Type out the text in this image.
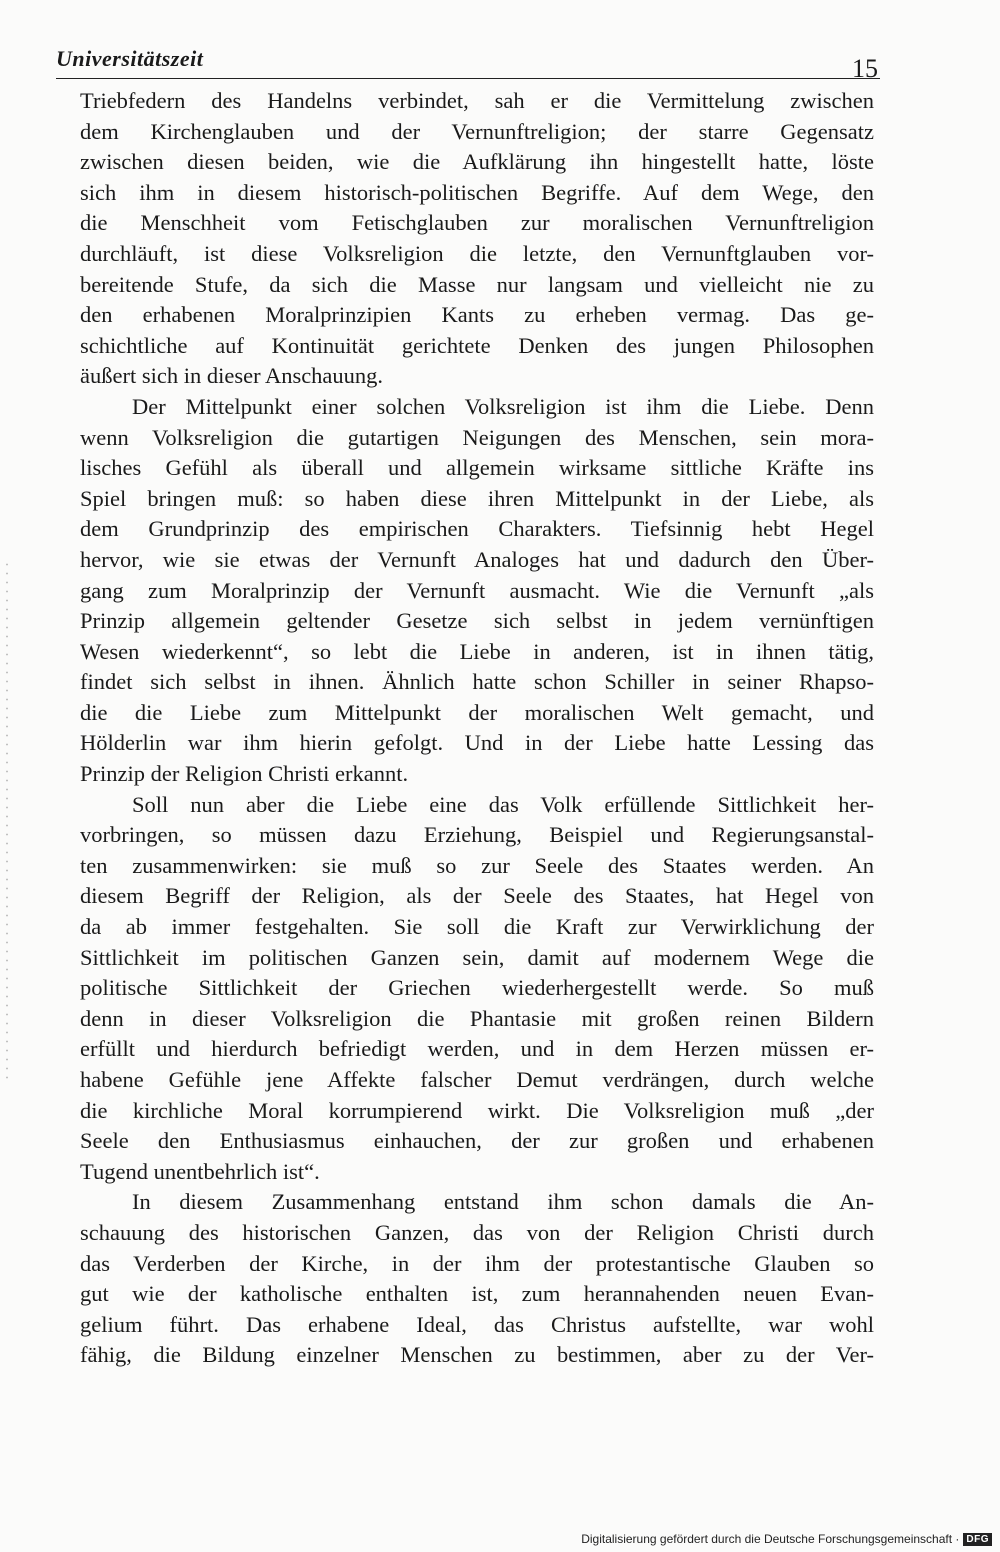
Universitätszeit	15
Triebfedern des Handelns verbindet, sah er die Vermittelung zwischen
dem Kirchenglauben und der Vernunftreligion; der starre Gegensatz
zwischen diesen beiden, wie die Aufklärung ihn hingestellt hatte, löste
sich ihm in diesem historisch-politischen Begriffe. Auf dem Wege, den
die Menschheit vom Fetischglauben zur moralischen Vernunftreligion
durchläuft, ist diese Volksreligion die letzte, den Vernunftglauben vor-
bereitende Stufe, da sich die Masse nur langsam und vielleicht nie zu
den erhabenen Moralprinzipien Kants zu erheben vermag. Das ge-
schichtliche auf Kontinuität gerichtete Denken des jungen Philosophen
äußert sich in dieser Anschauung.
Der Mittelpunkt einer solchen Volksreligion ist ihm die Liebe. Denn
wenn Volksreligion die gutartigen Neigungen des Menschen, sein mora-
lisches Gefühl als überall und allgemein wirksame sittliche Kräfte ins
Spiel bringen muß: so haben diese ihren Mittelpunkt in der Liebe, als
dem Grundprinzip des empirischen Charakters. Tiefsinnig hebt Hegel
hervor, wie sie etwas der Vernunft Analoges hat und dadurch den Über-
gang zum Moralprinzip der Vernunft ausmacht. Wie die Vernunft „als
Prinzip allgemein geltender Gesetze sich selbst in jedem vernünftigen
Wesen wiederkennt“, so lebt die Liebe in anderen, ist in ihnen tätig,
findet sich selbst in ihnen. Ähnlich hatte schon Schiller in seiner Rhapso-
die die Liebe zum Mittelpunkt der moralischen Welt gemacht, und
Hölderlin war ihm hierin gefolgt. Und in der Liebe hatte Lessing das
Prinzip der Religion Christi erkannt.
Soll nun aber die Liebe eine das Volk erfüllende Sittlichkeit her-
vorbringen, so müssen dazu Erziehung, Beispiel und Regierungsanstal-
ten zusammenwirken: sie muß so zur Seele des Staates werden. An
diesem Begriff der Religion, als der Seele des Staates, hat Hegel von
da ab immer festgehalten. Sie soll die Kraft zur Verwirklichung der
Sittlichkeit im politischen Ganzen sein, damit auf modernem Wege die
politische Sittlichkeit der Griechen wiederhergestellt werde. So muß
denn in dieser Volksreligion die Phantasie mit großen reinen Bildern
erfüllt und hierdurch befriedigt werden, und in dem Herzen müssen er-
habene Gefühle jene Affekte falscher Demut verdrängen, durch welche
die kirchliche Moral korrumpierend wirkt. Die Volksreligion muß „der
Seele den Enthusiasmus einhauchen, der zur großen und erhabenen
Tugend unentbehrlich ist“.
In diesem Zusammenhang entstand ihm schon damals die An-
schauung des historischen Ganzen, das von der Religion Christi durch
das Verderben der Kirche, in der ihm der protestantische Glauben so
gut wie der katholische enthalten ist, zum herannahenden neuen Evan-
gelium führt. Das erhabene Ideal, das Christus aufstellte, war wohl
fähig, die Bildung einzelner Menschen zu bestimmen, aber zu der Ver-
Digitalisierung gefördert durch die Deutsche Forschungsgemeinschaft · DFG
